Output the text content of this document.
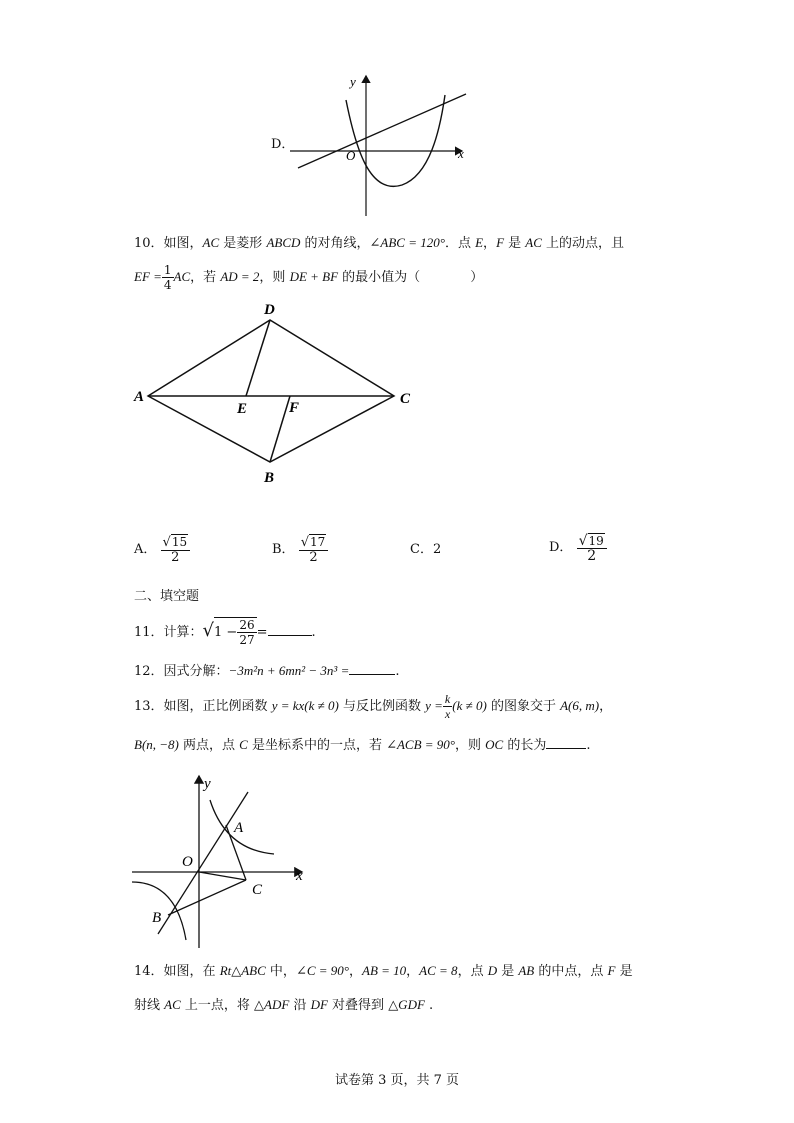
D．
y
x
O
10．如图，AC 是菱形 ABCD 的对角线，∠ABC = 120°．点 E，F 是 AC 上的动点，且
EF = $\frac{1}{4}$ AC，若 AD = 2，则 DE + BF 的最小值为（	）
A
D
C
B
E	F
A． $\frac{√15}{2}$	B． $\frac{√17}{2}$	C．2	D． $\frac{√19}{2}$
二、填空题
11．计算：$√1 - \frac{26}{27}$ =	.
12．因式分解：−3m²n + 6mn² − 3n³ =	.
13．如图，正比例函数 y = kx(k ≠ 0) 与反比例函数 $y = \frac{k}{x} (k \ne 0)$ 的图象交于 A(6, m)，
B(n, −8) 两点，点 C 是坐标系中的一点，若 ∠ACB = 90°，则 OC 的长为	.
y
x
O
A
B
C
14．如图，在 Rt△ABC 中，∠C = 90°，AB = 10，AC = 8，点 D 是 AB 的中点，点 F 是
射线 AC 上一点，将 △ADF 沿 DF 对叠得到 △GDF .
试卷第 3 页，共 7 页
